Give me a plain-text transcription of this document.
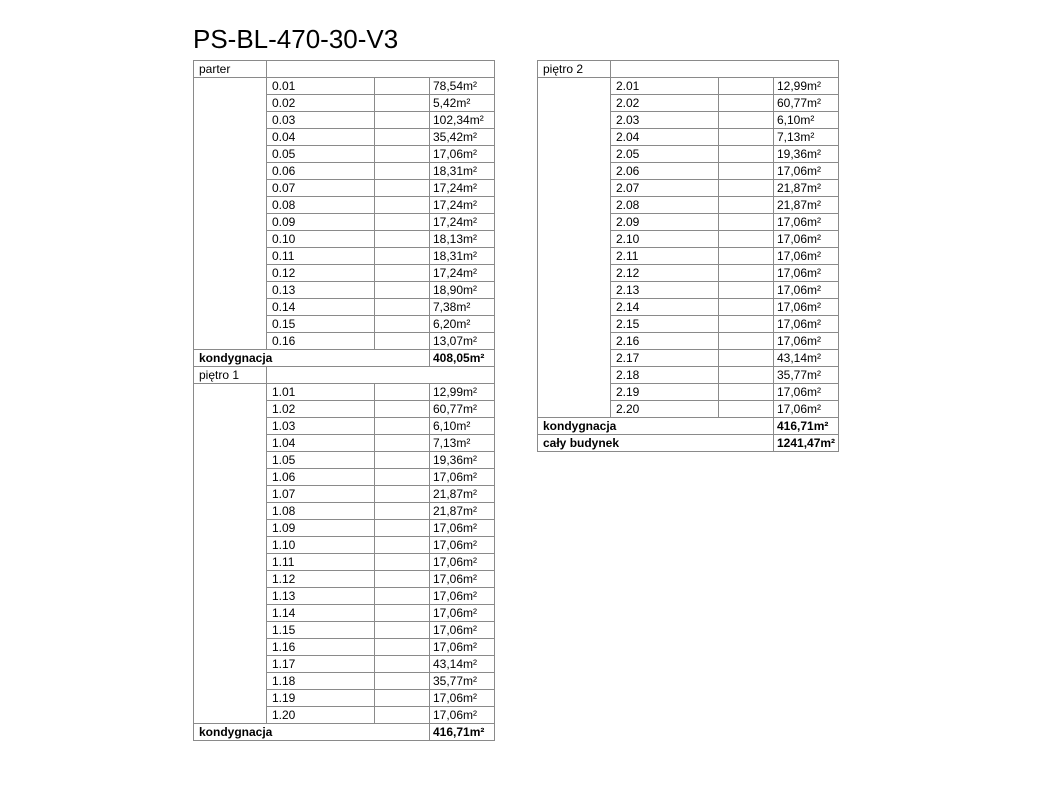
PS-BL-470-30-V3
parter			
	0.01		78,54m²
	0.02		5,42m²
	0.03		102,34m²
	0.04		35,42m²
	0.05		17,06m²
	0.06		18,31m²
	0.07		17,24m²
	0.08		17,24m²
	0.09		17,24m²
	0.10		18,13m²
	0.11		18,31m²
	0.12		17,24m²
	0.13		18,90m²
	0.14		7,38m²
	0.15		6,20m²
	0.16		13,07m²
kondygnacja			408,05m²
piętro 1			
	1.01		12,99m²
	1.02		60,77m²
	1.03		6,10m²
	1.04		7,13m²
	1.05		19,36m²
	1.06		17,06m²
	1.07		21,87m²
	1.08		21,87m²
	1.09		17,06m²
	1.10		17,06m²
	1.11		17,06m²
	1.12		17,06m²
	1.13		17,06m²
	1.14		17,06m²
	1.15		17,06m²
	1.16		17,06m²
	1.17		43,14m²
	1.18		35,77m²
	1.19		17,06m²
	1.20		17,06m²
kondygnacja			416,71m²
piętro 2			
	2.01		12,99m²
	2.02		60,77m²
	2.03		6,10m²
	2.04		7,13m²
	2.05		19,36m²
	2.06		17,06m²
	2.07		21,87m²
	2.08		21,87m²
	2.09		17,06m²
	2.10		17,06m²
	2.11		17,06m²
	2.12		17,06m²
	2.13		17,06m²
	2.14		17,06m²
	2.15		17,06m²
	2.16		17,06m²
	2.17		43,14m²
	2.18		35,77m²
	2.19		17,06m²
	2.20		17,06m²
kondygnacja			416,71m²
cały budynek			1241,47m²
